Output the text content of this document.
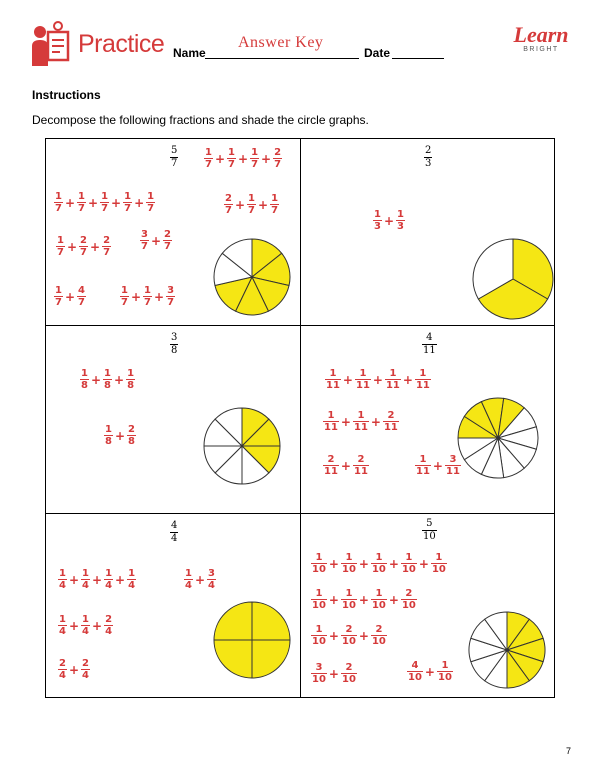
Practice Name
Answer Key
Date
Learn
BRIGHT
Instructions
Decompose the following fractions and shade the circle graphs.
$\frac{5}{7}$	$\frac{1}{7} + \frac{1}{7} + \frac{1}{7} + \frac{2}{7}$
$\frac{1}{7} + \frac{1}{7} + \frac{1}{7} + \frac{1}{7} + \frac{1}{7}$	$\frac{2}{7} + \frac{1}{7} + \frac{1}{7}$
$\frac{1}{7} + \frac{2}{7} + \frac{2}{7}$	$\frac{3}{7} + \frac{2}{7}$
$\frac{1}{7} + \frac{4}{7}$	$\frac{1}{7} + \frac{1}{7} + \frac{3}{7}$
$\frac{2}{3}$
$\frac{1}{3} + \frac{1}{3}$
$\frac{3}{8}$
$\frac{1}{8} + \frac{1}{8} + \frac{1}{8}$
$\frac{1}{8} + \frac{2}{8}$
$\frac{4}{11}$
$\frac{1}{11} + \frac{1}{11} + \frac{1}{11} + \frac{1}{11}$
$\frac{1}{11} + \frac{1}{11} + \frac{2}{11}$
$\frac{2}{11} + \frac{2}{11}$	$\frac{1}{11} + \frac{3}{11}$
$\frac{4}{4}$
$\frac{1}{4} + \frac{1}{4} + \frac{1}{4} + \frac{1}{4}$	$\frac{1}{4} + \frac{3}{4}$
$\frac{1}{4} + \frac{1}{4} + \frac{2}{4}$
$\frac{2}{4} + \frac{2}{4}$
$\frac{5}{10}$
$\frac{1}{10} + \frac{1}{10} + \frac{1}{10} + \frac{1}{10} + \frac{1}{10}$
$\frac{1}{10} + \frac{1}{10} + \frac{1}{10} + \frac{2}{10}$
$\frac{1}{10} + \frac{2}{10} + \frac{2}{10}$
$\frac{4}{10} + \frac{1}{10}$
$\frac{3}{10} + \frac{2}{10}$
7
